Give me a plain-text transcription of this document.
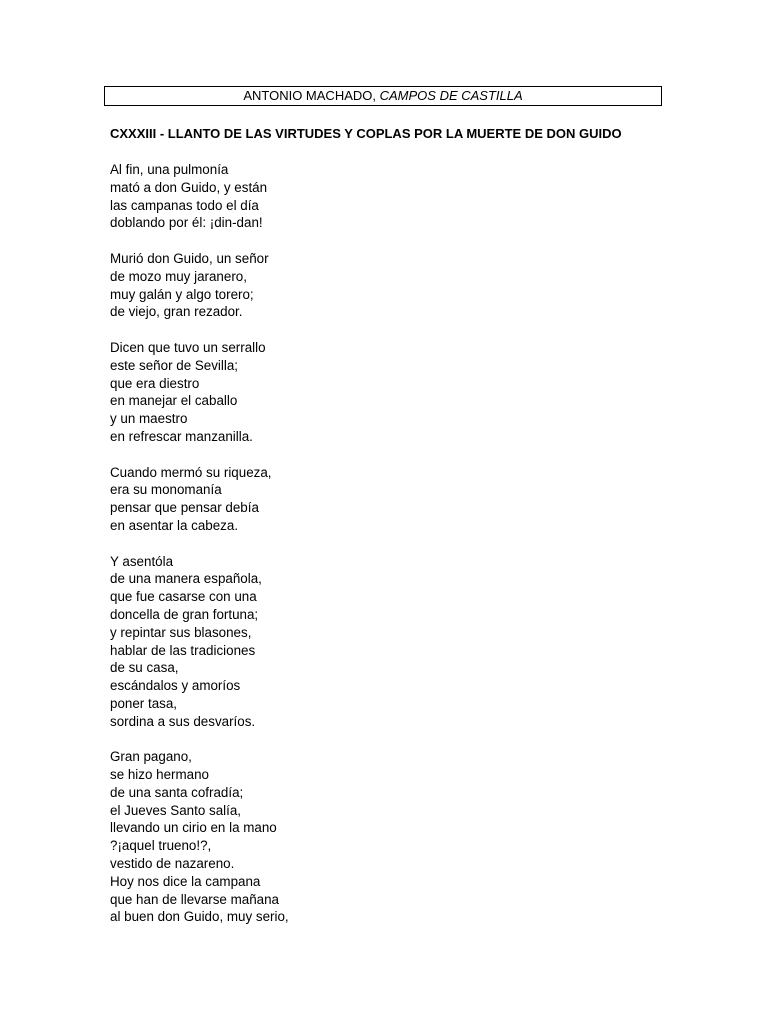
ANTONIO MACHADO, CAMPOS DE CASTILLA
CXXXIII - LLANTO DE LAS VIRTUDES Y COPLAS POR LA MUERTE DE DON GUIDO
Al fin, una pulmonía
mató a don Guido, y están
las campanas todo el día
doblando por él: ¡din-dan!
Murió don Guido, un señor
de mozo muy jaranero,
muy galán y algo torero;
de viejo, gran rezador.
Dicen que tuvo un serrallo
este señor de Sevilla;
que era diestro
en manejar el caballo
y un maestro
en refrescar manzanilla.
Cuando mermó su riqueza,
era su monomanía
pensar que pensar debía
en asentar la cabeza.
Y asentóla
de una manera española,
que fue casarse con una
doncella de gran fortuna;
y repintar sus blasones,
hablar de las tradiciones
de su casa,
escándalos y amoríos
poner tasa,
sordina a sus desvaríos.
Gran pagano,
se hizo hermano
de una santa cofradía;
el Jueves Santo salía,
llevando un cirio en la mano
?¡aquel trueno!?,
vestido de nazareno.
Hoy nos dice la campana
que han de llevarse mañana
al buen don Guido, muy serio,
